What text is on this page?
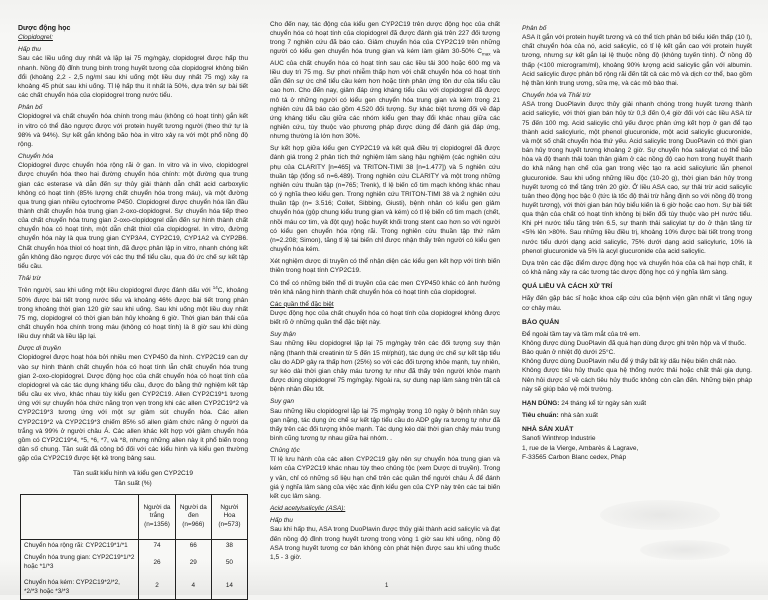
Dược động học

Clopidogrel:

Hấp thu

Sau các liều uống duy nhất và lặp lại 75 mg/ngày, clopidogrel được hấp thu nhanh. Nồng độ đỉnh trung bình trong huyết tương của clopidogrel không biến đổi (khoảng 2,2 - 2,5 ng/ml sau khi uống một liều duy nhất 75 mg) xảy ra khoảng 45 phút sau khi uống. Tỉ lệ hấp thu ít nhất là 50%, dựa trên sự bài tiết các chất chuyển hóa của clopidogrel trong nước tiểu.

Phân bố

Clopidogrel và chất chuyển hóa chính trong máu (không có hoạt tính) gắn kết in vitro có thể đảo ngược được với protein huyết tương người (theo thứ tự là 98% và 94%). Sự kết gắn không bão hòa in vitro xảy ra với một phổ nồng độ rộng.

Chuyển hóa

Clopidogrel được chuyển hóa rộng rãi ở gan. In vitro và in vivo, clopidogrel được chuyển hóa theo hai đường chuyển hóa chính: một đường qua trung gian các esterase và dẫn đến sự thủy giải thành dẫn chất acid carboxylic không có hoạt tính (85% lượng chất chuyển hóa trong máu), và một đường qua trung gian nhiều cytochrome P450. Clopidogrel được chuyển hóa lần đầu thành chất chuyển hóa trung gian 2-oxo-clopidogrel. Sự chuyển hóa tiếp theo của chất chuyển hóa trung gian 2-oxo-clopidogrel dẫn đến sự hình thành chất chuyển hóa có hoạt tính, một dẫn chất thiol của clopidogrel. In vitro, đường chuyển hóa này là qua trung gian CYP3A4, CYP2C19, CYP1A2 và CYP2B6. Chất chuyển hóa thiol có hoạt tính, đã được phân lập in vitro, nhanh chóng kết gắn không đảo ngược được với các thụ thể tiểu cầu, qua đó ức chế sự kết tập tiểu cầu.

Thải trừ

Trên người, sau khi uống một liều clopidogrel được đánh dấu với $^{14}$C, khoảng 50% được bài tiết trong nước tiểu và khoảng 46% được bài tiết trong phân trong khoảng thời gian 120 giờ sau khi uống. Sau khi uống một liều duy nhất 75 mg, clopidogrel có thời gian bán hủy khoảng 6 giờ. Thời gian bán thải của chất chuyển hóa chính trong máu (không có hoạt tính) là 8 giờ sau khi dùng liều duy nhất và liều lặp lại.

Dược di truyền

Clopidogrel được hoạt hóa bởi nhiều men CYP450 đa hình. CYP2C19 can dự vào sự hình thành chất chuyển hóa có hoạt tính lẫn chất chuyển hóa trung gian 2-oxo-clopidogrel. Dược động học của chất chuyển hóa có hoạt tính của clopidogrel và các tác dụng kháng tiểu cầu, được đo bằng thử nghiệm kết tập tiểu cầu ex vivo, khác nhau tùy kiểu gen CYP2C19. Allen CYP2C19*1 tương ứng với sự chuyển hóa chức năng trọn vẹn trong khi các allen CYP2C19*2 và CYP2C19*3 tương ứng với một sự giảm sút chuyển hóa. Các allen CYP2C19*2 và CYP2C19*3 chiếm 85% số allen giảm chức năng ở người da trắng và 99% ở người châu Á. Các allen khác kết hợp với giảm chuyển hóa gồm có CYP2C19*4, *5, *6, *7, và *8, nhưng những allen này ít phổ biến trong dân số chung. Tần suất đã công bố đối với các kiểu hình và kiểu gen thường gặp của CYP2C19 được liệt kê trong bảng sau.

Tần suất kiểu hình và kiểu gen CYP2C19

Tần suất (%)

	Người da trắng (n=1356)	Người da đen (n=966)	Người Hoa (n=573)
Chuyển hóa rộng rãi: CYP2C19*1/*1	74	66	38
Chuyển hóa trung gian: CYP2C19*1/*2 hoặc *1/*3	26	29	50
Chuyển hóa kém: CYP2C19*2/*2, *2/*3 hoặc *3/*3	2	4	14

Cho đến nay, tác động của kiểu gen CYP2C19 trên dược động học của chất chuyển hóa có hoạt tính của clopidogrel đã được đánh giá trên 227 đối tượng trong 7 nghiên cứu đã báo cáo. Giảm chuyển hóa của CYP2C19 trên những người có kiểu gen chuyển hóa trung gian và kém làm giảm 30-50% $C_{max}$ và AUC của chất chuyển hóa có hoạt tính sau các liều tải 300 hoặc 600 mg và liều duy trì 75 mg. Sự phơi nhiễm thấp hơn với chất chuyển hóa có hoạt tính dẫn đến sự ức chế tiểu cầu kém hơn hoặc tính phản ứng tồn dư của tiểu cầu cao hơn. Cho đến nay, giảm đáp ứng kháng tiểu cầu với clopidogrel đã được mô tả ở những người có kiểu gen chuyển hóa trung gian và kém trong 21 nghiên cứu đã báo cáo gồm 4.520 đối tượng. Sự khác biệt tương đối về đáp ứng kháng tiểu cầu giữa các nhóm kiểu gen thay đổi khác nhau giữa các nghiên cứu, tùy thuộc vào phương pháp được dùng để đánh giá đáp ứng, nhưng thường là lớn hơn 30%.

Sự kết hợp giữa kiểu gen CYP2C19 và kết quả điều trị clopidogrel đã được đánh giá trong 2 phân tích thử nghiệm lâm sàng hậu nghiệm (các nghiên cứu phụ của CLARITY [n=465] và TRITON-TIMI 38 [n=1.477]) và 5 nghiên cứu thuần tập (tổng số n=6.489). Trong nghiên cứu CLARITY và một trong những nghiên cứu thuần tập (n=765; Trenk), tỉ lệ biến cố tim mạch không khác nhau có ý nghĩa theo kiểu gen. Trong nghiên cứu TRITON-TIMI 38 và 2 nghiên cứu thuần tập (n= 3.516; Collet, Sibbing, Giusti), bệnh nhân có kiểu gen giảm chuyển hóa (gộp chung kiểu trung gian và kém) có tỉ lệ biến cố tim mạch (chết, nhồi máu cơ tim, và đột quỵ) hoặc huyết khối trong stent cao hơn so với người có kiểu gen chuyển hóa rộng rãi. Trong nghiên cứu thuần tập thứ năm (n=2.208; Simon), tăng tỉ lệ tai biến chỉ được nhận thấy trên người có kiểu gen chuyển hóa kém.

Xét nghiệm dược di truyền có thể nhận diện các kiểu gen kết hợp với tính biến thiên trong hoạt tính CYP2C19.

Có thể có những biến thể di truyền của các men CYP450 khác có ảnh hưởng trên khả năng hình thành chất chuyển hóa có hoạt tính của clopidogrel.

Các quần thể đặc biệt

Dược động học của chất chuyển hóa có hoạt tính của clopidogrel không được biết rõ ở những quần thể đặc biệt này.

Suy thận

Sau những liều clopidogrel lặp lại 75 mg/ngày trên các đối tượng suy thận nặng (thanh thải creatinin từ 5 đến 15 ml/phút), tác dụng ức chế sự kết tập tiểu cầu do ADP gây ra thấp hơn (25%) so với các đối tượng khỏe mạnh, tuy nhiên, sự kéo dài thời gian chảy máu tương tự như đã thấy trên người khỏe mạnh được dùng clopidogrel 75 mg/ngày. Ngoài ra, sự dung nạp lâm sàng trên tất cả bệnh nhân đều tốt.

Suy gan

Sau những liều clopidogrel lặp lại 75 mg/ngày trong 10 ngày ở bệnh nhân suy gan nặng, tác dụng ức chế sự kết tập tiểu cầu do ADP gây ra tương tự như đã thấy trên các đối tượng khỏe mạnh. Tác dụng kéo dài thời gian chảy máu trung bình cũng tương tự nhau giữa hai nhóm. .

Chủng tộc

Tỉ lệ lưu hành của các allen CYP2C19 gây nên sự chuyển hóa trung gian và kém của CYP2C19 khác nhau tùy theo chủng tộc (xem Dược di truyền). Trong y văn, chỉ có những số liệu hạn chế trên các quần thể người châu Á để đánh giá ý nghĩa lâm sàng của việc xác định kiểu gen của CYP này trên các tai biến kết cục lâm sàng.

Acid acetylsalicylic (ASA):

Hấp thu

Sau khi hấp thu, ASA trong DuoPlavin được thủy giải thành acid salicylic và đạt đến nồng độ đỉnh trong huyết tương trong vòng 1 giờ sau khi uống, nồng độ ASA trong huyết tương cơ bản không còn phát hiện được sau khi uống thuốc 1,5 - 3 giờ.

Phân bố

ASA ít gắn với protein huyết tương và có thể tích phân bố biểu kiến thấp (10 l), chất chuyển hóa của nó, acid salicylic, có tỉ lệ kết gắn cao với protein huyết tương, nhưng sự kết gắn lại lệ thuộc nồng độ (không tuyến tính). Ở nồng độ thấp (<100 microgram/ml), khoảng 90% lượng acid salicylic gắn với albumin. Acid salicylic được phân bố rộng rãi đến tất cả các mô và dịch cơ thể, bao gồm hệ thần kinh trung ương, sữa mẹ, và các mô bào thai.

Chuyển hóa và Thải trừ

ASA trong DuoPlavin được thủy giải nhanh chóng trong huyết tương thành acid salicylic, với thời gian bán hủy từ 0,3 đến 0,4 giờ đối với các liều ASA từ 75 đến 100 mg. Acid salicylic chủ yếu được phản ứng kết hợp ở gan để tạo thành acid salicyluric, một phenol glucuronide, một acid salicylic glucuronide, và một số chất chuyển hóa thứ yếu. Acid salicylic trong DuoPlavin có thời gian bán hủy trong huyết tương khoảng 2 giờ. Sự chuyển hóa salicylat có thể bão hòa và độ thanh thải toàn thân giảm ở các nồng độ cao hơn trong huyết thanh do khả năng hạn chế của gan trong việc tạo ra acid salicyluric lẫn phenol glucuronide. Sau khi uống những liều độc (10-20 g), thời gian bán hủy trong huyết tương có thể tăng trên 20 giờ. Ở liều ASA cao, sự thải trừ acid salicylic tuân theo động học bậc 0 (tức là tốc độ thải trừ hằng định so với nồng độ trong huyết tương), với thời gian bán hủy biểu kiến là 6 giờ hoặc cao hơn. Sự bài tiết qua thận của chất có hoạt tính không bị biến đổi tùy thuộc vào pH nước tiểu. Khi pH nước tiểu tăng trên 6.5, sự thanh thải salicylat tự do ở thận tăng từ <5% lên >80%. Sau những liều điều trị, khoảng 10% được bài tiết trong trong nước tiểu dưới dạng acid salicylic, 75% dưới dạng acid salicyluric, 10% là phenol glucuronide và 5% là acyl glucuronide của acid salicylic.

Dựa trên các đặc điểm dược động học và chuyển hóa của cả hai hợp chất, ít có khả năng xảy ra các tương tác dược động học có ý nghĩa lâm sàng.

QUÁ LIỀU VÀ CÁCH XỬ TRÍ

Hãy đến gặp bác sĩ hoặc khoa cấp cứu của bệnh viện gần nhất vì tăng nguy cơ chảy máu.

BẢO QUẢN

Để ngoài tầm tay và tầm mắt của trẻ em.

Không được dùng DuoPlavin đã quá hạn dùng được ghi trên hộp và vỉ thuốc.

Bảo quản ở nhiệt độ dưới 25°C.

Không được dùng DuoPlavin nếu để ý thấy bất kỳ dấu hiệu biến chất nào.

Không được tiêu hủy thuốc qua hệ thống nước thải hoặc chất thải gia dụng. Nên hỏi dược sĩ về cách tiêu hủy thuốc không còn cần đến. Những biện pháp này sẽ giúp bảo vệ môi trường.

HẠN DÙNG: 24 tháng kể từ ngày sản xuất

Tiêu chuẩn: nhà sản xuất

NHÀ SẢN XUẤT

Sanofi Winthrop Industrie

1, rue de la Vierge, Ambarès & Lagrave,

F-33565 Carbon Blanc cedex, Pháp

1
